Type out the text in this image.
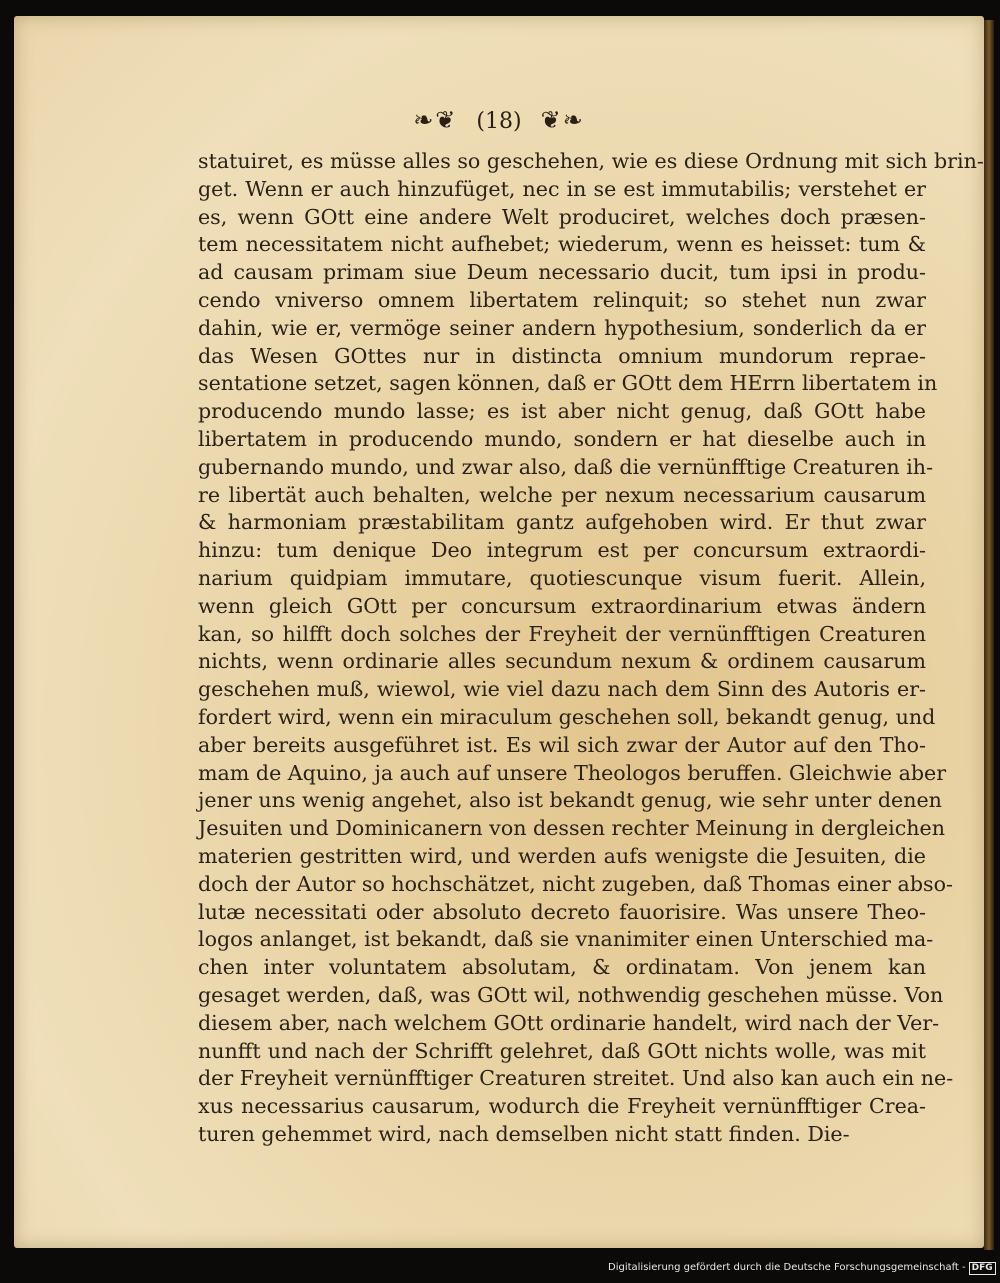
❧❦ (18) ❦❧
statuiret, es müsse alles so geschehen, wie es diese Ordnung mit sich brin-
get. Wenn er auch hinzufüget, nec in se est immutabilis; verstehet er
es, wenn GOtt eine andere Welt produciret, welches doch præsen-
tem necessitatem nicht aufhebet; wiederum, wenn es heisset: tum &
ad causam primam siue Deum necessario ducit, tum ipsi in produ-
cendo vniverso omnem libertatem relinquit; so stehet nun zwar
dahin, wie er, vermöge seiner andern hypothesium, sonderlich da er
das Wesen GOttes nur in distincta omnium mundorum reprae-
sentatione setzet, sagen können, daß er GOtt dem HErrn libertatem in
producendo mundo lasse; es ist aber nicht genug, daß GOtt habe
libertatem in producendo mundo, sondern er hat dieselbe auch in
gubernando mundo, und zwar also, daß die vernünfftige Creaturen ih-
re libertät auch behalten, welche per nexum necessarium causarum
& harmoniam præstabilitam gantz aufgehoben wird. Er thut zwar
hinzu: tum denique Deo integrum est per concursum extraordi-
narium quidpiam immutare, quotiescunque visum fuerit. Allein,
wenn gleich GOtt per concursum extraordinarium etwas ändern
kan, so hilfft doch solches der Freyheit der vernünfftigen Creaturen
nichts, wenn ordinarie alles secundum nexum & ordinem causarum
geschehen muß, wiewol, wie viel dazu nach dem Sinn des Autoris er-
fordert wird, wenn ein miraculum geschehen soll, bekandt genug, und
aber bereits ausgeführet ist. Es wil sich zwar der Autor auf den Tho-
mam de Aquino, ja auch auf unsere Theologos beruffen. Gleichwie aber
jener uns wenig angehet, also ist bekandt genug, wie sehr unter denen
Jesuiten und Dominicanern von dessen rechter Meinung in dergleichen
materien gestritten wird, und werden aufs wenigste die Jesuiten, die
doch der Autor so hochschätzet, nicht zugeben, daß Thomas einer abso-
lutæ necessitati oder absoluto decreto fauorisire. Was unsere Theo-
logos anlanget, ist bekandt, daß sie vnanimiter einen Unterschied ma-
chen inter voluntatem absolutam, & ordinatam. Von jenem kan
gesaget werden, daß, was GOtt wil, nothwendig geschehen müsse. Von
diesem aber, nach welchem GOtt ordinarie handelt, wird nach der Ver-
nunfft und nach der Schrifft gelehret, daß GOtt nichts wolle, was mit
der Freyheit vernünfftiger Creaturen streitet. Und also kan auch ein ne-
xus necessarius causarum, wodurch die Freyheit vernünfftiger Crea-
turen gehemmet wird, nach demselben nicht statt finden. Die-
Digitalisierung gefördert durch die Deutsche Forschungsgemeinschaft - DFG
